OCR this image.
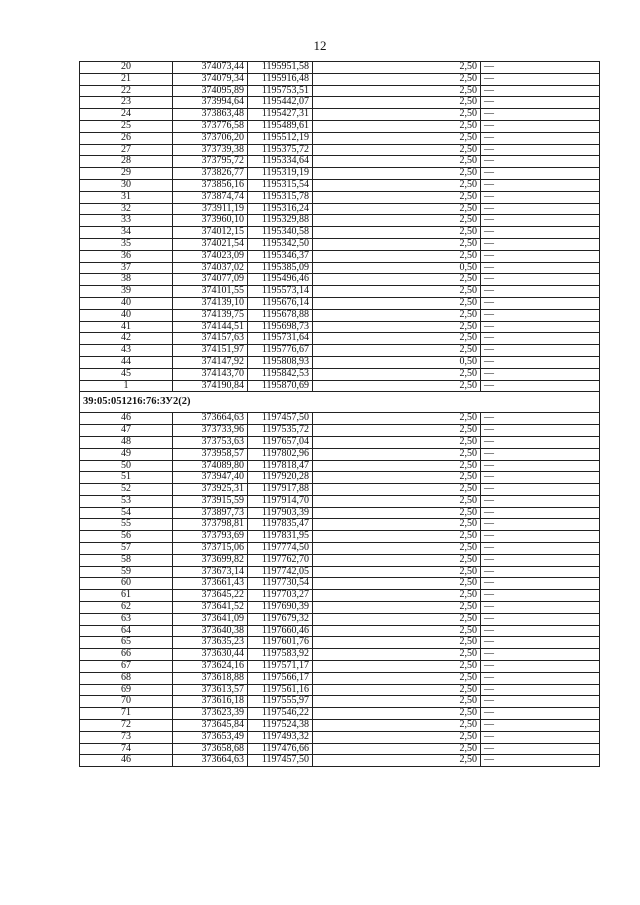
12
20	374073,44	1195951,58	2,50	—
21	374079,34	1195916,48	2,50	—
22	374095,89	1195753,51	2,50	—
23	373994,64	1195442,07	2,50	—
24	373863,48	1195427,31	2,50	—
25	373776,58	1195489,61	2,50	—
26	373706,20	1195512,19	2,50	—
27	373739,38	1195375,72	2,50	—
28	373795,72	1195334,64	2,50	—
29	373826,77	1195319,19	2,50	—
30	373856,16	1195315,54	2,50	—
31	373874,74	1195315,78	2,50	—
32	373911,19	1195316,24	2,50	—
33	373960,10	1195329,88	2,50	—
34	374012,15	1195340,58	2,50	—
35	374021,54	1195342,50	2,50	—
36	374023,09	1195346,37	2,50	—
37	374037,02	1195385,09	0,50	—
38	374077,09	1195496,46	2,50	—
39	374101,55	1195573,14	2,50	—
40	374139,10	1195676,14	2,50	—
40	374139,75	1195678,88	2,50	—
41	374144,51	1195698,73	2,50	—
42	374157,63	1195731,64	2,50	—
43	374151,97	1195776,67	2,50	—
44	374147,92	1195808,93	0,50	—
45	374143,70	1195842,53	2,50	—
1	374190,84	1195870,69	2,50	—
39:05:051216:76:ЗУ2(2)				
46	373664,63	1197457,50	2,50	—
47	373733,96	1197535,72	2,50	—
48	373753,63	1197657,04	2,50	—
49	373958,57	1197802,96	2,50	—
50	374089,80	1197818,47	2,50	—
51	373947,40	1197920,28	2,50	—
52	373925,31	1197917,88	2,50	—
53	373915,59	1197914,70	2,50	—
54	373897,73	1197903,39	2,50	—
55	373798,81	1197835,47	2,50	—
56	373793,69	1197831,95	2,50	—
57	373715,06	1197774,50	2,50	—
58	373699,82	1197762,70	2,50	—
59	373673,14	1197742,05	2,50	—
60	373661,43	1197730,54	2,50	—
61	373645,22	1197703,27	2,50	—
62	373641,52	1197690,39	2,50	—
63	373641,09	1197679,32	2,50	—
64	373640,38	1197660,46	2,50	—
65	373635,23	1197601,76	2,50	—
66	373630,44	1197583,92	2,50	—
67	373624,16	1197571,17	2,50	—
68	373618,88	1197566,17	2,50	—
69	373613,57	1197561,16	2,50	—
70	373616,18	1197555,97	2,50	—
71	373623,39	1197546,22	2,50	—
72	373645,84	1197524,38	2,50	—
73	373653,49	1197493,32	2,50	—
74	373658,68	1197476,66	2,50	—
46	373664,63	1197457,50	2,50	—
